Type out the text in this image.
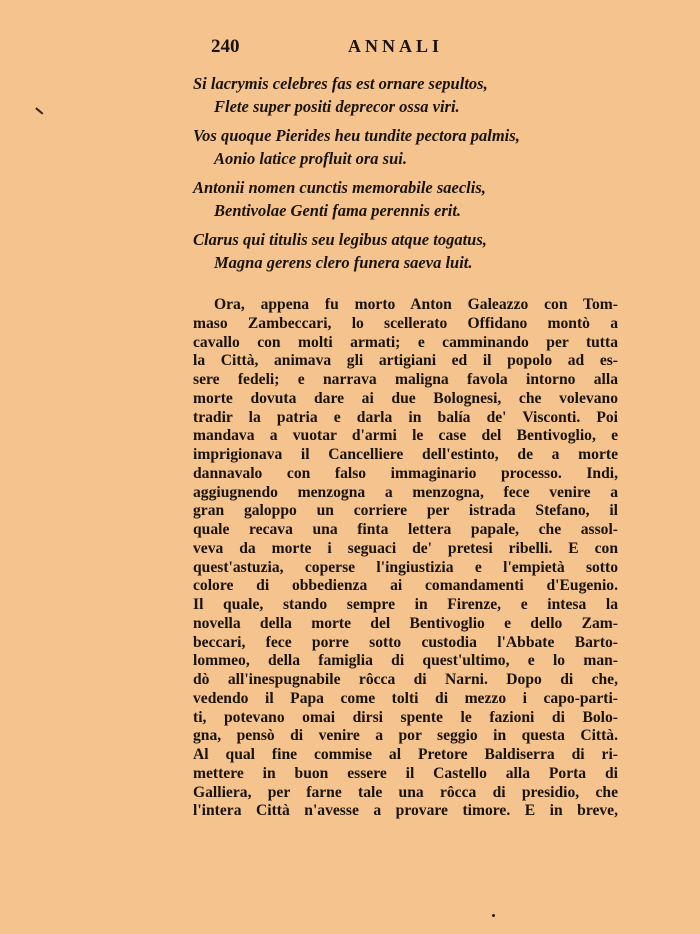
240	ANNALI
Si lacrymis celebres fas est ornare sepultos,
Flete super positi deprecor ossa viri.
Vos quoque Pierides heu tundite pectora palmis,
Aonio latice profluit ora sui.
Antonii nomen cunctis memorabile saeclis,
Bentivolae Genti fama perennis erit.
Clarus qui titulis seu legibus atque togatus,
Magna gerens clero funera saeva luit.
Ora, appena fu morto Anton Galeazzo con Tom-
maso Zambeccari, lo scellerato Offidano montò a
cavallo con molti armati; e camminando per tutta
la Città, animava gli artigiani ed il popolo ad es-
sere fedeli; e narrava maligna favola intorno alla
morte dovuta dare ai due Bolognesi, che volevano
tradir la patria e darla in balía de' Visconti. Poi
mandava a vuotar d'armi le case del Bentivoglio, e
imprigionava il Cancelliere dell'estinto, de a morte
dannavalo con falso immaginario processo. Indi,
aggiugnendo menzogna a menzogna, fece venire a
gran galoppo un corriere per istrada Stefano, il
quale recava una finta lettera papale, che assol-
veva da morte i seguaci de' pretesi ribelli. E con
quest'astuzia, coperse l'ingiustizia e l'empietà sotto
colore di obbedienza ai comandamenti d'Eugenio.
Il quale, stando sempre in Firenze, e intesa la
novella della morte del Bentivoglio e dello Zam-
beccari, fece porre sotto custodia l'Abbate Barto-
lommeo, della famiglia di quest'ultimo, e lo man-
dò all'inespugnabile rôcca di Narni. Dopo di che,
vedendo il Papa come tolti di mezzo i capo-parti-
ti, potevano omai dirsi spente le fazioni di Bolo-
gna, pensò di venire a por seggio in questa Città.
Al qual fine commise al Pretore Baldiserra di ri-
mettere in buon essere il Castello alla Porta di
Galliera, per farne tale una rôcca di presidio, che
l'intera Città n'avesse a provare timore. E in breve,
